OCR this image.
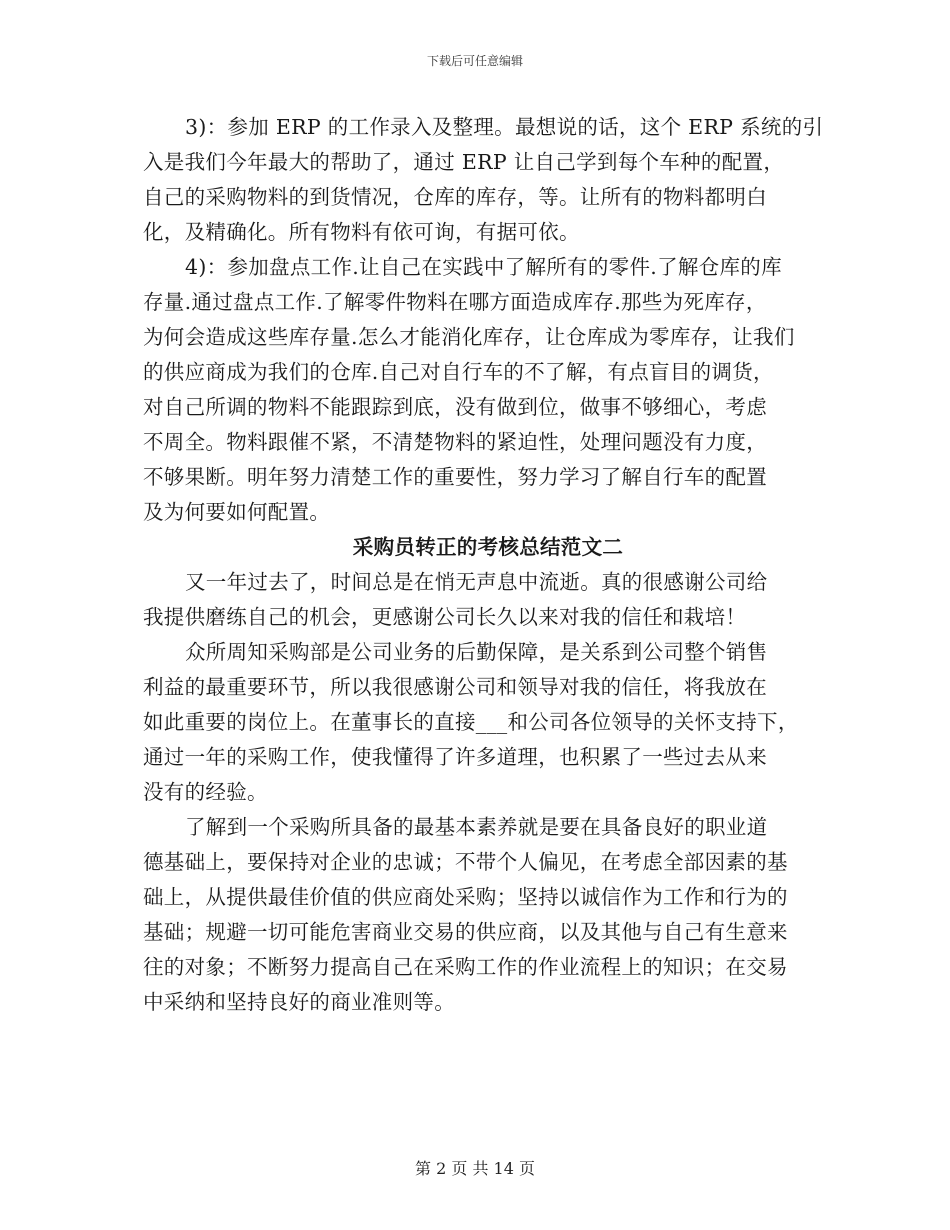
下载后可任意编辑
3)：参加 ERP 的工作录入及整理。最想说的话，这个 ERP 系统的引
入是我们今年最大的帮助了，通过 ERP 让自己学到每个车种的配置，
自己的采购物料的到货情况，仓库的库存，等。让所有的物料都明白
化，及精确化。所有物料有依可询，有据可依。
4)：参加盘点工作.让自己在实践中了解所有的零件.了解仓库的库
存量.通过盘点工作.了解零件物料在哪方面造成库存.那些为死库存，
为何会造成这些库存量.怎么才能消化库存，让仓库成为零库存，让我们
的供应商成为我们的仓库.自己对自行车的不了解，有点盲目的调货，
对自己所调的物料不能跟踪到底，没有做到位，做事不够细心，考虑
不周全。物料跟催不紧，不清楚物料的紧迫性，处理问题没有力度，
不够果断。明年努力清楚工作的重要性，努力学习了解自行车的配置
及为何要如何配置。
采购员转正的考核总结范文二
又一年过去了，时间总是在悄无声息中流逝。真的很感谢公司给
我提供磨练自己的机会，更感谢公司长久以来对我的信任和栽培！
众所周知采购部是公司业务的后勤保障，是关系到公司整个销售
利益的最重要环节，所以我很感谢公司和领导对我的信任，将我放在
如此重要的岗位上。在董事长的直接___和公司各位领导的关怀支持下，
通过一年的采购工作，使我懂得了许多道理，也积累了一些过去从来
没有的经验。
了解到一个采购所具备的最基本素养就是要在具备良好的职业道
德基础上，要保持对企业的忠诚；不带个人偏见，在考虑全部因素的基
础上，从提供最佳价值的供应商处采购；坚持以诚信作为工作和行为的
基础；规避一切可能危害商业交易的供应商，以及其他与自己有生意来
往的对象；不断努力提高自己在采购工作的作业流程上的知识；在交易
中采纳和坚持良好的商业准则等。
第 2 页 共 14 页
